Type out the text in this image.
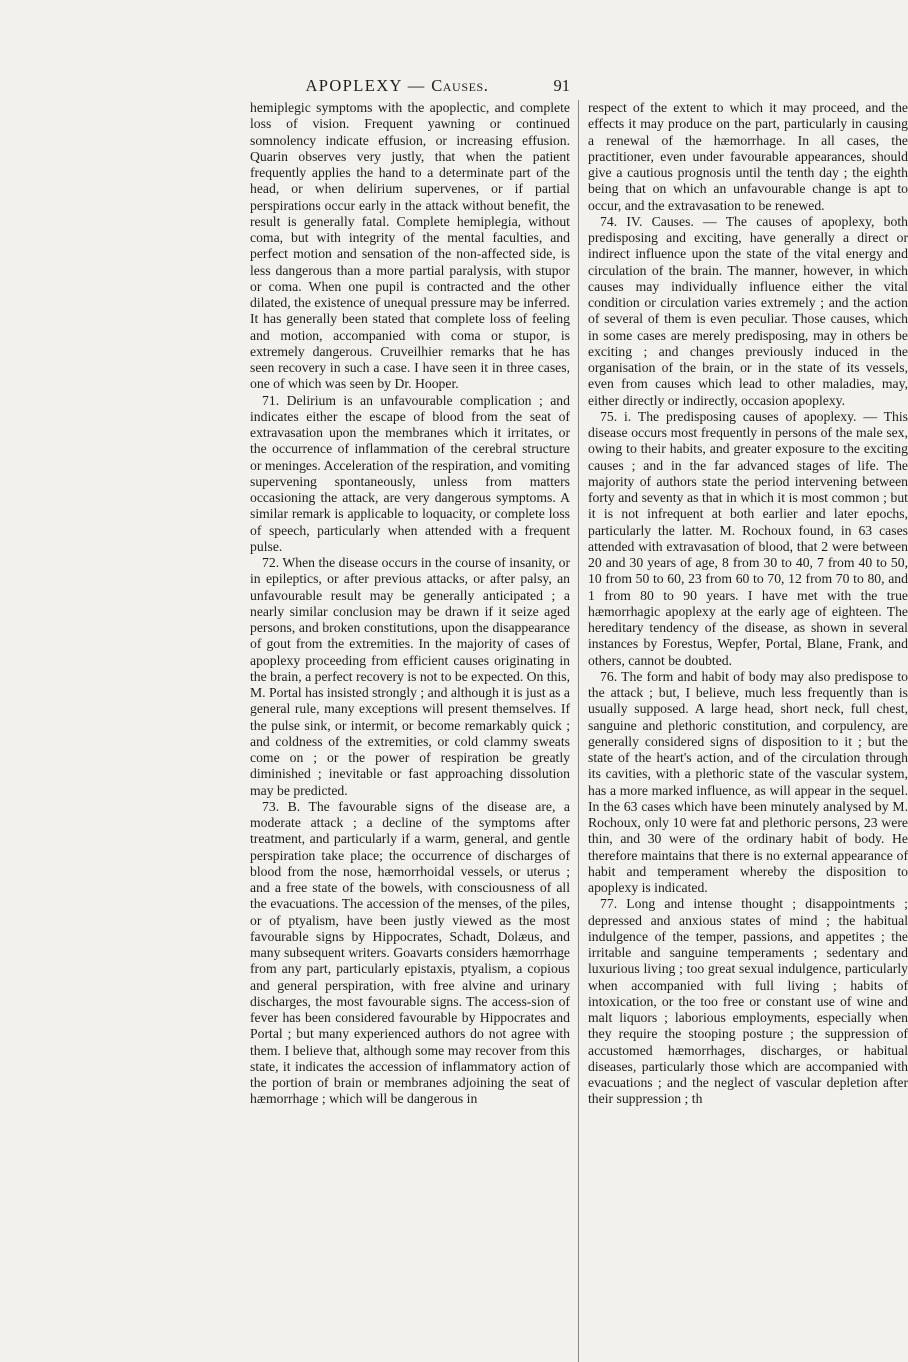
APOPLEXY — Causes.	91

hemiplegic symptoms with the apoplectic, and complete loss of vision. Frequent yawning or continued somnolency indicate effusion, or increasing effusion. Quarin observes very justly, that when the patient frequently applies the hand to a determinate part of the head, or when delirium supervenes, or if partial perspirations occur early in the attack without benefit, the result is generally fatal. Complete hemiplegia, without coma, but with integrity of the mental faculties, and perfect motion and sensation of the non-affected side, is less dangerous than a more partial paralysis, with stupor or coma. When one pupil is contracted and the other dilated, the existence of unequal pressure may be inferred. It has generally been stated that complete loss of feeling and motion, accompanied with coma or stupor, is extremely dangerous. Cruveilhier remarks that he has seen recovery in such a case. I have seen it in three cases, one of which was seen by Dr. Hooper.

71. Delirium is an unfavourable complication ; and indicates either the escape of blood from the seat of extravasation upon the membranes which it irritates, or the occurrence of inflammation of the cerebral structure or meninges. Acceleration of the respiration, and vomiting supervening spontaneously, unless from matters occasioning the attack, are very dangerous symptoms. A similar remark is applicable to loquacity, or complete loss of speech, particularly when attended with a frequent pulse.

72. When the disease occurs in the course of insanity, or in epileptics, or after previous attacks, or after palsy, an unfavourable result may be generally anticipated ; a nearly similar conclusion may be drawn if it seize aged persons, and broken constitutions, upon the disappearance of gout from the extremities. In the majority of cases of apoplexy proceeding from efficient causes originating in the brain, a perfect recovery is not to be expected. On this, M. Portal has insisted strongly ; and although it is just as a general rule, many exceptions will present themselves. If the pulse sink, or intermit, or become remarkably quick ; and coldness of the extremities, or cold clammy sweats come on ; or the power of respiration be greatly diminished ; inevitable or fast approaching dissolution may be predicted.

73. B. The favourable signs of the disease are, a moderate attack ; a decline of the symptoms after treatment, and particularly if a warm, general, and gentle perspiration take place; the occurrence of discharges of blood from the nose, hæmorrhoidal vessels, or uterus ; and a free state of the bowels, with consciousness of all the evacuations. The accession of the menses, of the piles, or of ptyalism, have been justly viewed as the most favourable signs by Hippocrates, Schadt, Dolæus, and many subsequent writers. Goavarts considers hæmorrhage from any part, particularly epistaxis, ptyalism, a copious and general perspiration, with free alvine and urinary discharges, the most favourable signs. The access-sion of fever has been considered favourable by Hippocrates and Portal ; but many experienced authors do not agree with them. I believe that, although some may recover from this state, it indicates the accession of inflammatory action of the portion of brain or membranes adjoining the seat of hæmorrhage ; which will be dangerous in

respect of the extent to which it may proceed, and the effects it may produce on the part, particularly in causing a renewal of the hæmorrhage. In all cases, the practitioner, even under favourable appearances, should give a cautious prognosis until the tenth day ; the eighth being that on which an unfavourable change is apt to occur, and the extravasation to be renewed.

74. IV. Causes. — The causes of apoplexy, both predisposing and exciting, have generally a direct or indirect influence upon the state of the vital energy and circulation of the brain. The manner, however, in which causes may individually influence either the vital condition or circulation varies extremely ; and the action of several of them is even peculiar. Those causes, which in some cases are merely predisposing, may in others be exciting ; and changes previously induced in the organisation of the brain, or in the state of its vessels, even from causes which lead to other maladies, may, either directly or indirectly, occasion apoplexy.

75. i. The predisposing causes of apoplexy. — This disease occurs most frequently in persons of the male sex, owing to their habits, and greater exposure to the exciting causes ; and in the far advanced stages of life. The majority of authors state the period intervening between forty and seventy as that in which it is most common ; but it is not infrequent at both earlier and later epochs, particularly the latter. M. Rochoux found, in 63 cases attended with extravasation of blood, that 2 were between 20 and 30 years of age, 8 from 30 to 40, 7 from 40 to 50, 10 from 50 to 60, 23 from 60 to 70, 12 from 70 to 80, and 1 from 80 to 90 years. I have met with the true hæmorrhagic apoplexy at the early age of eighteen. The hereditary tendency of the disease, as shown in several instances by Forestus, Wepfer, Portal, Blane, Frank, and others, cannot be doubted.

76. The form and habit of body may also predispose to the attack ; but, I believe, much less frequently than is usually supposed. A large head, short neck, full chest, sanguine and plethoric constitution, and corpulency, are generally considered signs of disposition to it ; but the state of the heart's action, and of the circulation through its cavities, with a plethoric state of the vascular system, has a more marked influence, as will appear in the sequel. In the 63 cases which have been minutely analysed by M. Rochoux, only 10 were fat and plethoric persons, 23 were thin, and 30 were of the ordinary habit of body. He therefore maintains that there is no external appearance of habit and temperament whereby the disposition to apoplexy is indicated.

77. Long and intense thought ; disappointments ; depressed and anxious states of mind ; the habitual indulgence of the temper, passions, and appetites ; the irritable and sanguine temperaments ; sedentary and luxurious living ; too great sexual indulgence, particularly when accompanied with full living ; habits of intoxication, or the too free or constant use of wine and malt liquors ; laborious employments, especially when they require the stooping posture ; the suppression of accustomed hæmorrhages, discharges, or habitual diseases, particularly those which are accompanied with evacuations ; and the neglect of vascular depletion after their suppression ; th
